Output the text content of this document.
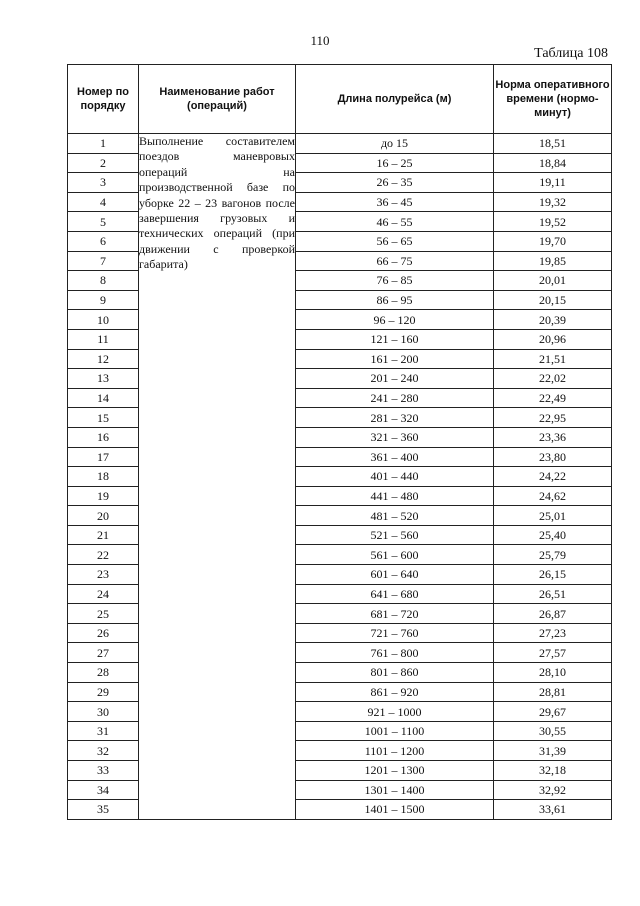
110
Таблица 108
Номер по порядку	Наименование работ (операций)	Длина полурейса (м)	Норма оперативного времени (нормо-минут)
1	Выполнение составителем поездов маневровых операций на производственной базе по уборке 22 – 23 вагонов после завершения грузовых и технических операций (при движении с проверкой габарита)	до 15	18,51
2		16 – 25	18,84
3		26 – 35	19,11
4		36 – 45	19,32
5		46 – 55	19,52
6		56 – 65	19,70
7		66 – 75	19,85
8		76 – 85	20,01
9		86 – 95	20,15
10		96 – 120	20,39
11		121 – 160	20,96
12		161 – 200	21,51
13		201 – 240	22,02
14		241 – 280	22,49
15		281 – 320	22,95
16		321 – 360	23,36
17		361 – 400	23,80
18		401 – 440	24,22
19		441 – 480	24,62
20		481 – 520	25,01
21		521 – 560	25,40
22		561 – 600	25,79
23		601 – 640	26,15
24		641 – 680	26,51
25		681 – 720	26,87
26		721 – 760	27,23
27		761 – 800	27,57
28		801 – 860	28,10
29		861 – 920	28,81
30		921 – 1000	29,67
31		1001 – 1100	30,55
32		1101 – 1200	31,39
33		1201 – 1300	32,18
34		1301 – 1400	32,92
35		1401 – 1500	33,61
